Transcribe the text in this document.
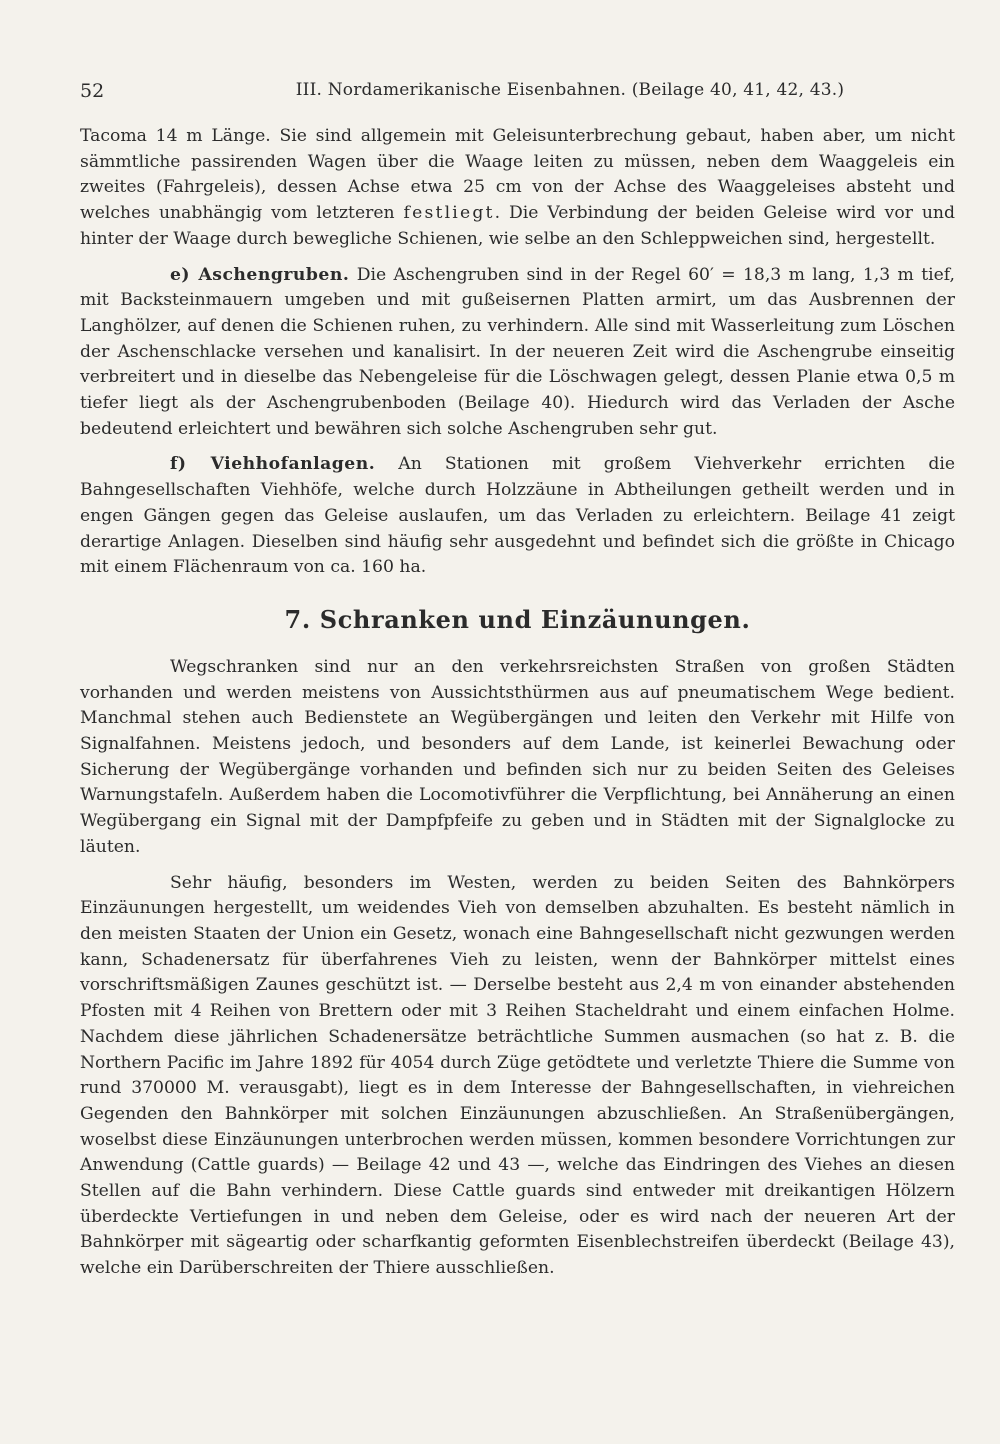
52	III. Nordamerikanische Eisenbahnen. (Beilage 40, 41, 42, 43.)

Tacoma 14 m Länge. Sie sind allgemein mit Geleisunterbrechung gebaut, haben aber, um nicht sämmtliche passirenden Wagen über die Waage leiten zu müssen, neben dem Waaggeleis ein zweites (Fahrgeleis), dessen Achse etwa 25 cm von der Achse des Waaggeleises absteht und welches unabhängig vom letzteren festliegt. Die Verbindung der beiden Geleise wird vor und hinter der Waage durch bewegliche Schienen, wie selbe an den Schleppweichen sind, hergestellt.

e) Aschengruben. Die Aschengruben sind in der Regel 60′ = 18,3 m lang, 1,3 m tief, mit Backsteinmauern umgeben und mit gußeisernen Platten armirt, um das Ausbrennen der Langhölzer, auf denen die Schienen ruhen, zu verhindern. Alle sind mit Wasserleitung zum Löschen der Aschenschlacke versehen und kanalisirt. In der neueren Zeit wird die Aschengrube einseitig verbreitert und in dieselbe das Nebengeleise für die Löschwagen gelegt, dessen Planie etwa 0,5 m tiefer liegt als der Aschengrubenboden (Beilage 40). Hiedurch wird das Verladen der Asche bedeutend erleichtert und bewähren sich solche Aschengruben sehr gut.

f) Viehhofanlagen. An Stationen mit großem Viehverkehr errichten die Bahngesellschaften Viehhöfe, welche durch Holzzäune in Abtheilungen getheilt werden und in engen Gängen gegen das Geleise auslaufen, um das Verladen zu erleichtern. Beilage 41 zeigt derartige Anlagen. Dieselben sind häufig sehr ausgedehnt und befindet sich die größte in Chicago mit einem Flächenraum von ca. 160 ha.

7. Schranken und Einzäunungen.

Wegschranken sind nur an den verkehrsreichsten Straßen von großen Städten vorhanden und werden meistens von Aussichtsthürmen aus auf pneumatischem Wege bedient. Manchmal stehen auch Bedienstete an Wegübergängen und leiten den Verkehr mit Hilfe von Signalfahnen. Meistens jedoch, und besonders auf dem Lande, ist keinerlei Bewachung oder Sicherung der Wegübergänge vorhanden und befinden sich nur zu beiden Seiten des Geleises Warnungstafeln. Außerdem haben die Locomotivführer die Verpflichtung, bei Annäherung an einen Wegübergang ein Signal mit der Dampfpfeife zu geben und in Städten mit der Signalglocke zu läuten.

Sehr häufig, besonders im Westen, werden zu beiden Seiten des Bahnkörpers Einzäunungen hergestellt, um weidendes Vieh von demselben abzuhalten. Es besteht nämlich in den meisten Staaten der Union ein Gesetz, wonach eine Bahngesellschaft nicht gezwungen werden kann, Schadenersatz für überfahrenes Vieh zu leisten, wenn der Bahnkörper mittelst eines vorschriftsmäßigen Zaunes geschützt ist. — Derselbe besteht aus 2,4 m von einander abstehenden Pfosten mit 4 Reihen von Brettern oder mit 3 Reihen Stacheldraht und einem einfachen Holme. Nachdem diese jährlichen Schadenersätze beträchtliche Summen ausmachen (so hat z. B. die Northern Pacific im Jahre 1892 für 4054 durch Züge getödtete und verletzte Thiere die Summe von rund 370000 M. verausgabt), liegt es in dem Interesse der Bahngesellschaften, in viehreichen Gegenden den Bahnkörper mit solchen Einzäunungen abzuschließen. An Straßenübergängen, woselbst diese Einzäunungen unterbrochen werden müssen, kommen besondere Vorrichtungen zur Anwendung (Cattle guards) — Beilage 42 und 43 —, welche das Eindringen des Viehes an diesen Stellen auf die Bahn verhindern. Diese Cattle guards sind entweder mit dreikantigen Hölzern überdeckte Vertiefungen in und neben dem Geleise, oder es wird nach der neueren Art der Bahnkörper mit sägeartig oder scharfkantig geformten Eisenblechstreifen überdeckt (Beilage 43), welche ein Darüberschreiten der Thiere ausschließen.
